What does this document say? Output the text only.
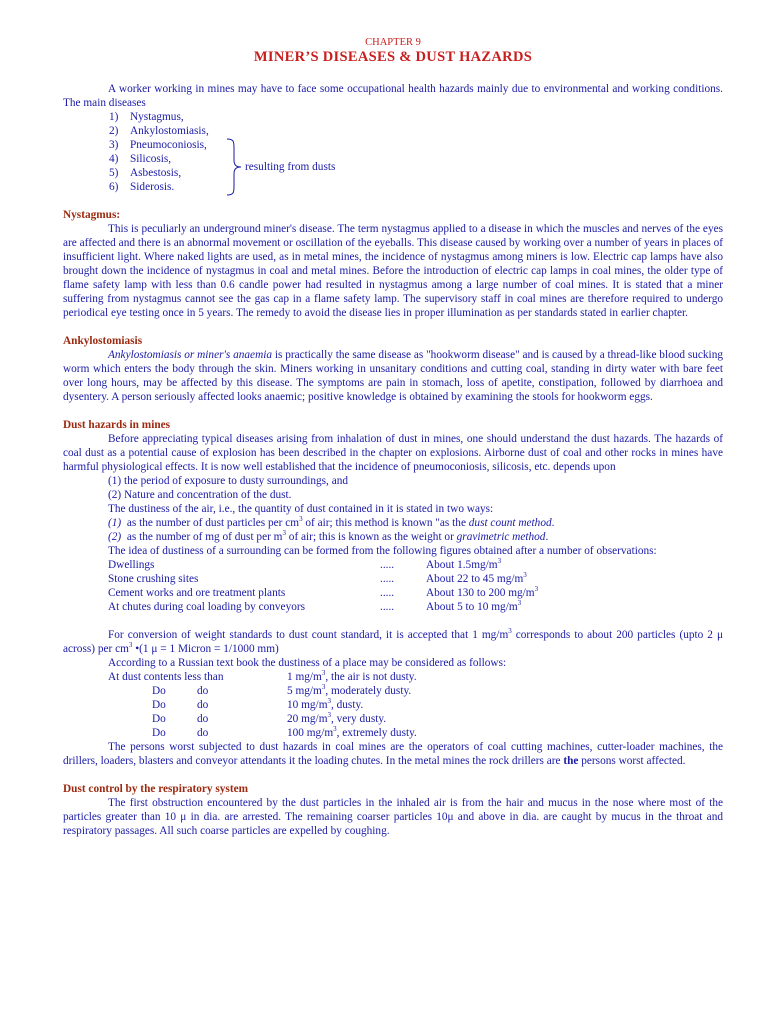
CHAPTER 9
MINER’S DISEASES & DUST HAZARDS

A worker working in mines may have to face some occupational health hazards mainly due to environmental and working conditions. The main diseases

1)	Nystagmus,
2)	Ankylostomiasis,
3)	Pneumoconiosis,
4)	Silicosis,
5)	Asbestosis,
6)	Siderosis.
resulting from dusts
Nystagmus:

This is peculiarly an underground miner's disease. The term nystagmus applied to a disease in which the muscles and nerves of the eyes are affected and there is an abnormal movement or oscillation of the eyeballs. This disease caused by working over a number of years in places of insufficient light. Where naked lights are used, as in metal mines, the incidence of nystagmus among miners is low. Electric cap lamps have also brought down the incidence of nystagmus in coal and metal mines. Before the introduction of electric cap lamps in coal mines, the older type of flame safety lamp with less than 0.6 candle power had resulted in nystagmus among a large number of coal mines. It is stated that a miner suffering from nystagmus cannot see the gas cap in a flame safety lamp. The supervisory staff in coal mines are therefore required to undergo periodical eye testing once in 5 years. The remedy to avoid the disease lies in proper illumination as per standards stated in earlier chapter.

Ankylostomiasis

Ankylostomiasis or miner's anaemia is practically the same disease as "hookworm disease" and is caused by a thread-like blood sucking worm which enters the body through the skin. Miners working in unsanitary conditions and cutting coal, standing in dirty water with bare feet over long hours, may be affected by this disease. The symptoms are pain in stomach, loss of apetite, constipation, followed by diarrhoea and dysentery. A person seriously affected looks anaemic; positive knowledge is obtained by examining the stools for hookworm eggs.

Dust hazards in mines

Before appreciating typical diseases arising from inhalation of dust in mines, one should understand the dust hazards. The hazards of coal dust as a potential cause of explosion has been described in the chapter on explosions. Airborne dust of coal and other rocks in mines have harmful physiological effects. It is now well established that the incidence of pneumoconiosis, silicosis, etc. depends upon

(1) the period of exposure to dusty surroundings, and
(2) Nature and concentration of the dust.

The dustiness of the air, i.e., the quantity of dust contained in it is stated in two ways:

(1) as the number of dust particles per $cm^3$ of air; this method is known "as the dust count method.
(2) as the number of mg of dust per $m^3$ of air; this is known as the weight or gravimetric method.

The idea of dustiness of a surrounding can be formed from the following figures obtained after a number of observations:

Dwellings	.....	About $1.5mg/m^3$
Stone crushing sites	.....	About 22 to 45 $mg/m^3$
Cement works and ore treatment plants	.....	About 130 to 200 $mg/m^3$
At chutes during coal loading by conveyors	.....	About 5 to 10 $mg/m^3$

For conversion of weight standards to dust count standard, it is accepted that 1 $mg/m^3$ corresponds to about 200 particles (upto 2 μ across) per $cm^3$ •(1 μ = 1 Micron = 1/1000 mm)

According to a Russian text book the dustiness of a place may be considered as follows:

At dust contents less than		1 $mg/m^3$, the air is not dusty.
Do	do	5 $mg/m^3$, moderately dusty.
Do	do	10 $mg/m^3$, dusty.
Do	do	20 $mg/m^3$, very dusty.
Do	do	100 $mg/m^3$, extremely dusty.

The persons worst subjected to dust hazards in coal mines are the operators of coal cutting machines, cutter-loader machines, the drillers, loaders, blasters and conveyor attendants it the loading chutes. In the metal mines the rock drillers are the persons worst affected.

Dust control by the respiratory system

The first obstruction encountered by the dust particles in the inhaled air is from the hair and mucus in the nose where most of the particles greater than 10 μ in dia. are arrested. The remaining coarser particles 10μ and above in dia. are caught by mucus in the throat and respiratory passages. All such coarse particles are expelled by coughing.
